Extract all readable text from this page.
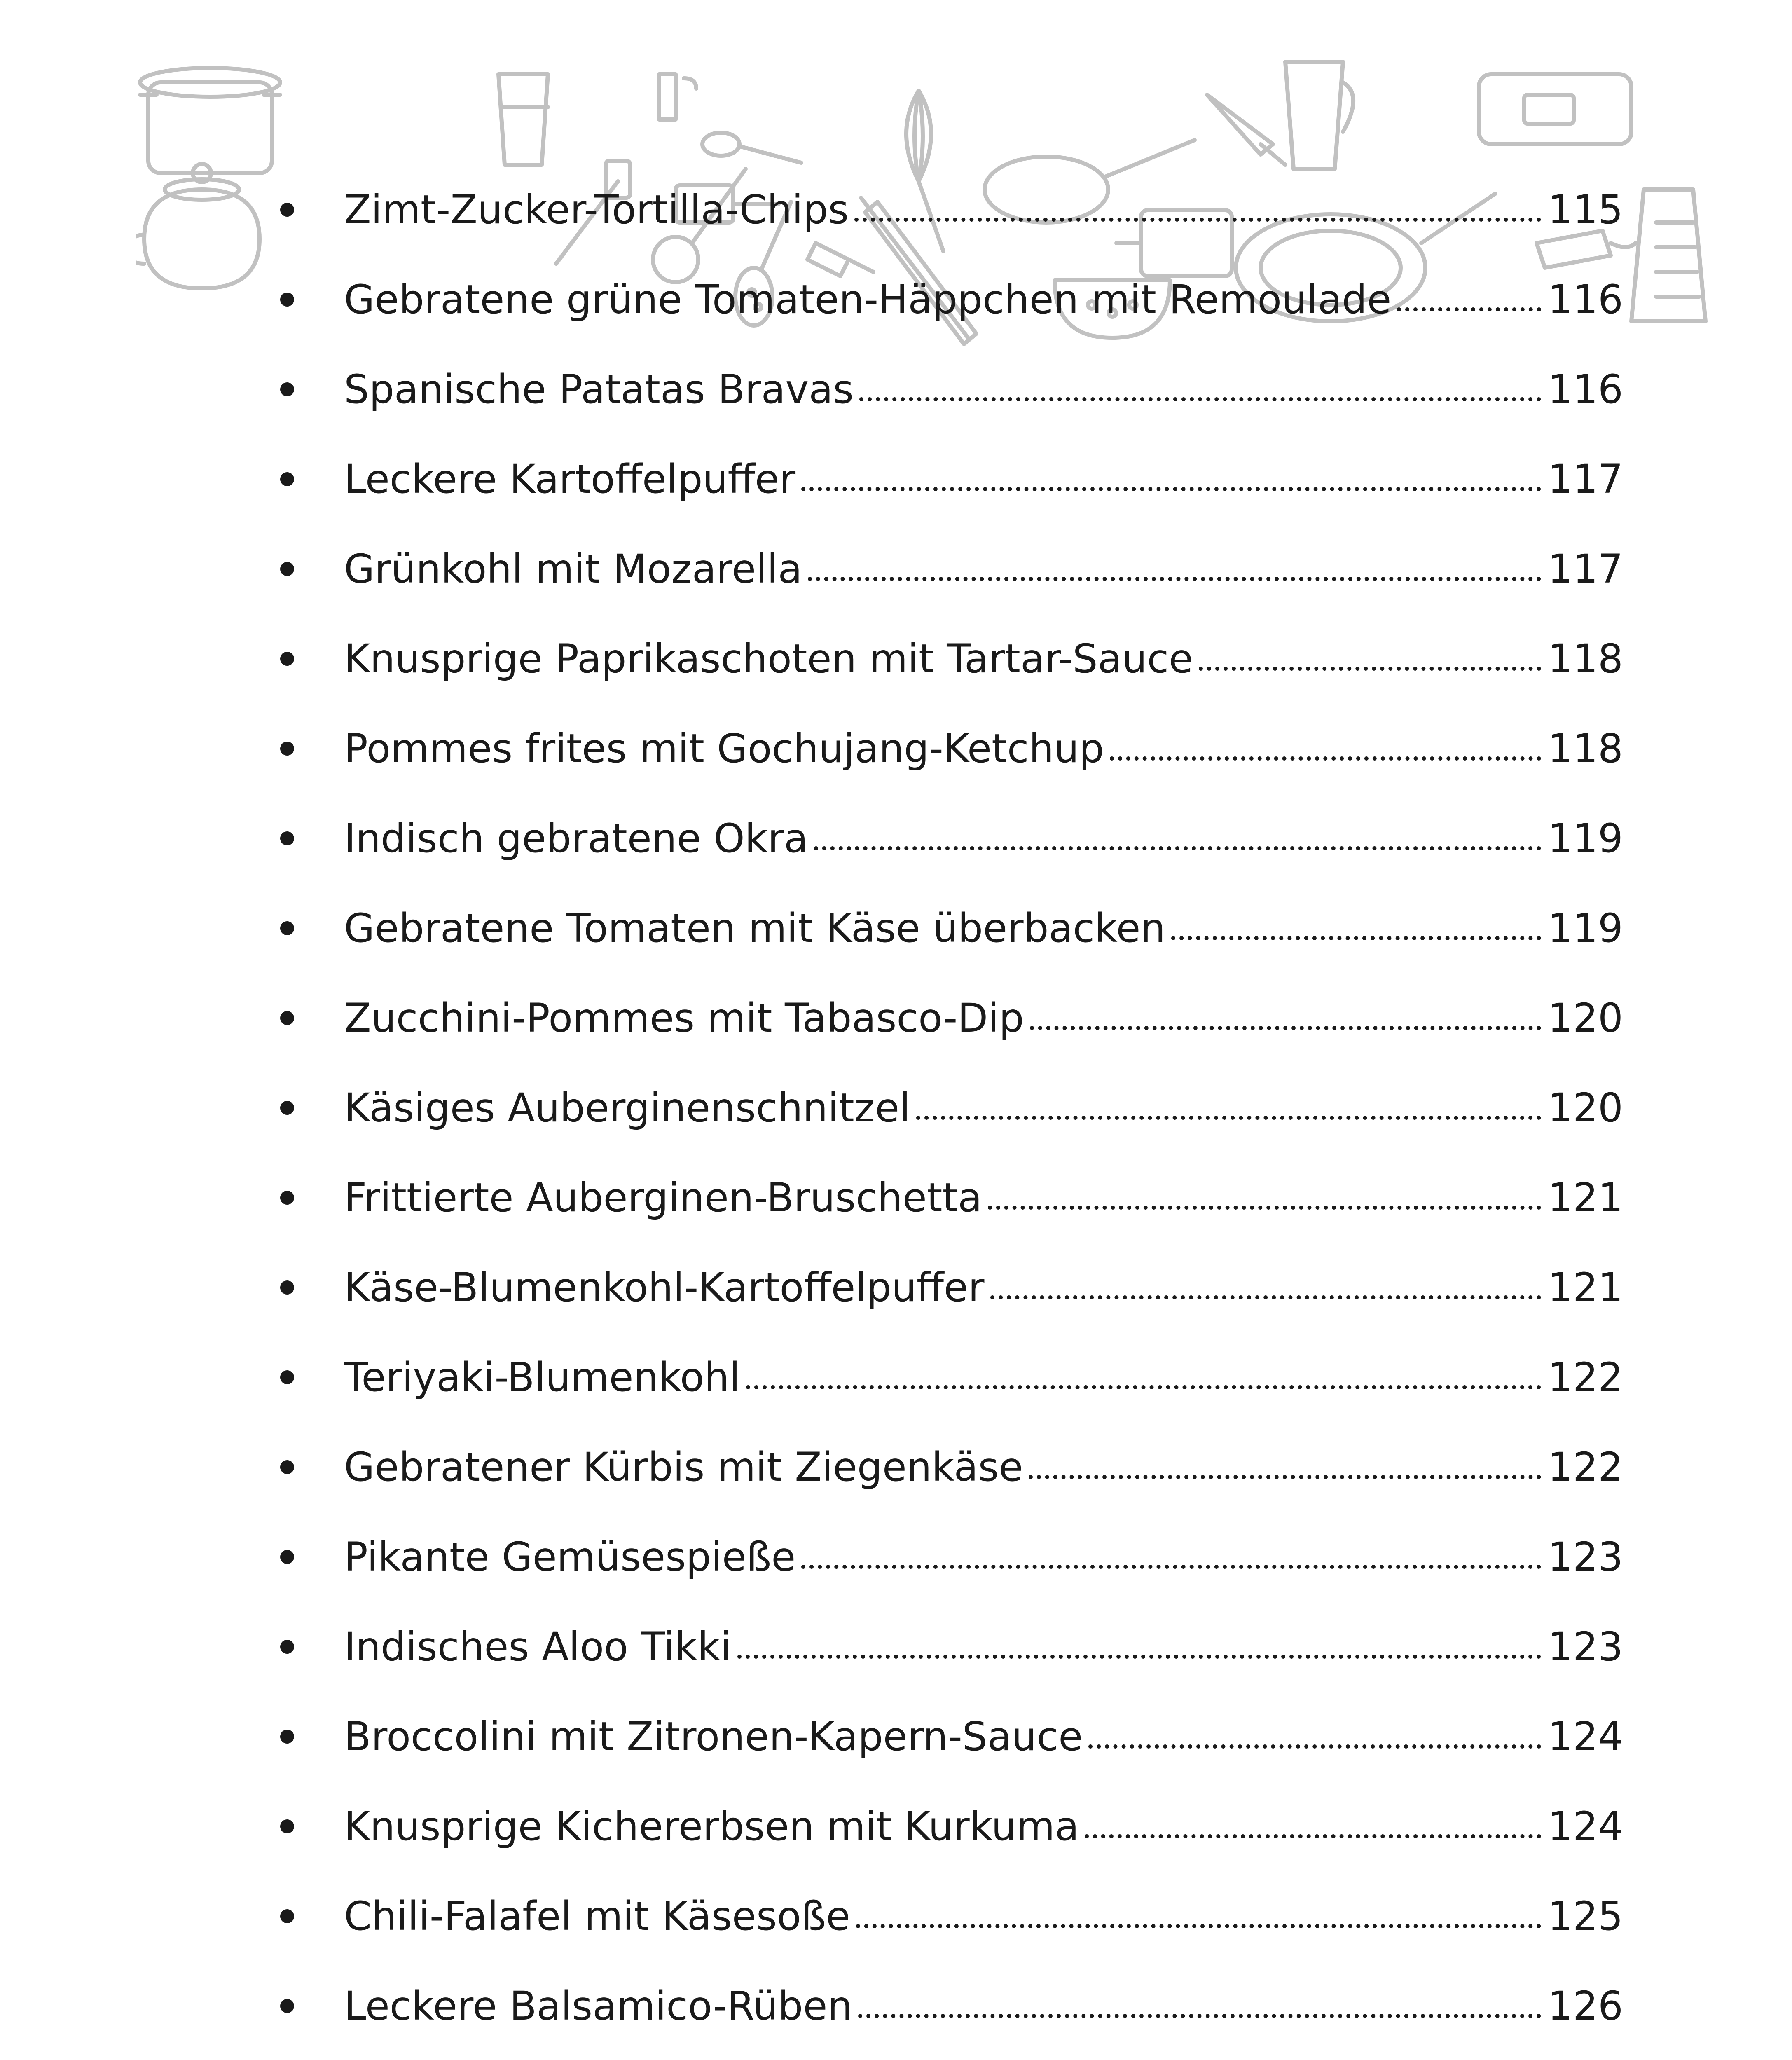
Zimt-Zucker-Tortilla-Chips	115
Gebratene grüne Tomaten-Häppchen mit Remoulade	116
Spanische Patatas Bravas	116
Leckere Kartoffelpuffer	117
Grünkohl mit Mozarella	117
Knusprige Paprikaschoten mit Tartar-Sauce	118
Pommes frites mit Gochujang-Ketchup	118
Indisch gebratene Okra	119
Gebratene Tomaten mit Käse überbacken	119
Zucchini-Pommes mit Tabasco-Dip	120
Käsiges Auberginenschnitzel	120
Frittierte Auberginen-Bruschetta	121
Käse-Blumenkohl-Kartoffelpuffer	121
Teriyaki-Blumenkohl	122
Gebratener Kürbis mit Ziegenkäse	122
Pikante Gemüsespieße	123
Indisches Aloo Tikki	123
Broccolini mit Zitronen-Kapern-Sauce	124
Knusprige Kichererbsen mit Kurkuma	124
Chili-Falafel mit Käsesoße	125
Leckere Balsamico-Rüben	126
